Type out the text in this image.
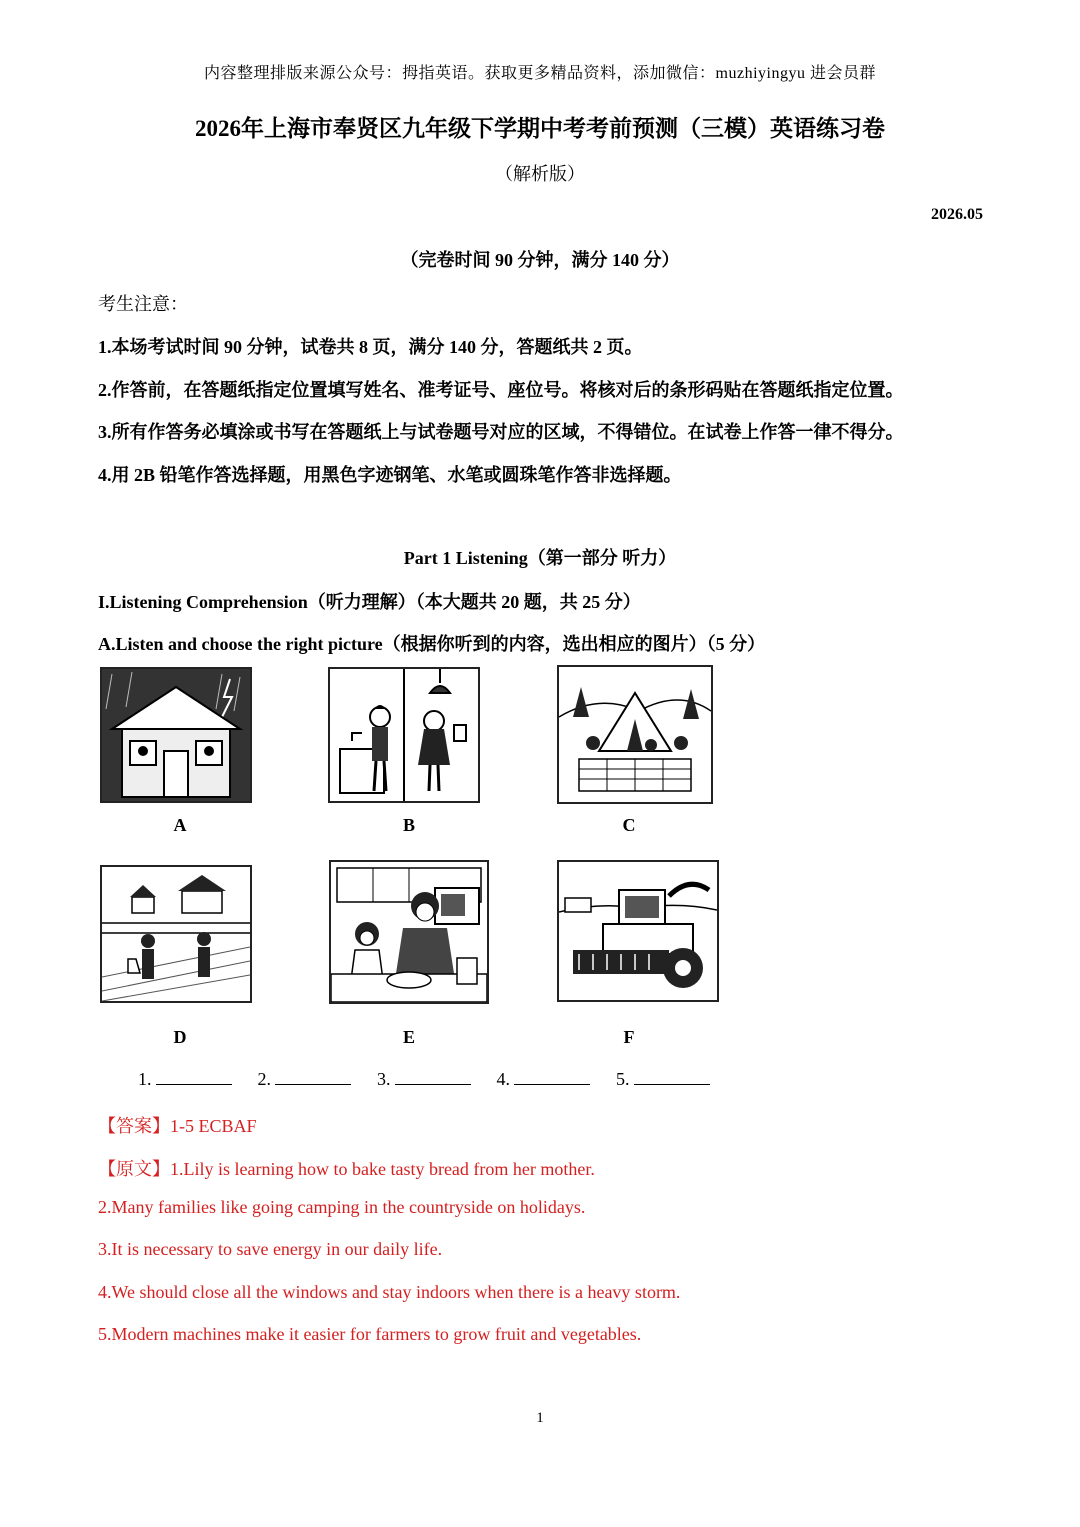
内容整理排版来源公众号：拇指英语。获取更多精品资料，添加微信：muzhiyingyu 进会员群
2026年上海市奉贤区九年级下学期中考考前预测（三模）英语练习卷
（解析版）
2026.05
（完卷时间 90 分钟，满分 140 分）
考生注意：
1.本场考试时间 90 分钟，试卷共 8 页，满分 140 分，答题纸共 2 页。
2.作答前，在答题纸指定位置填写姓名、准考证号、座位号。将核对后的条形码贴在答题纸指定位置。
3.所有作答务必填涂或书写在答题纸上与试卷题号对应的区域，不得错位。在试卷上作答一律不得分。
4.用 2B 铅笔作答选择题，用黑色字迹钢笔、水笔或圆珠笔作答非选择题。
Part 1 Listening（第一部分 听力）
I.Listening Comprehension（听力理解）（本大题共 20 题，共 25 分）
A.Listen and choose the right picture（根据你听到的内容，选出相应的图片）（5 分）
A	B	C
D	E	F
1.	2.	3.	4.	5.
【答案】1-5 ECBAF
【原文】1.Lily is learning how to bake tasty bread from her mother.
2.Many families like going camping in the countryside on holidays.
3.It is necessary to save energy in our daily life.
4.We should close all the windows and stay indoors when there is a heavy storm.
5.Modern machines make it easier for farmers to grow fruit and vegetables.
1
